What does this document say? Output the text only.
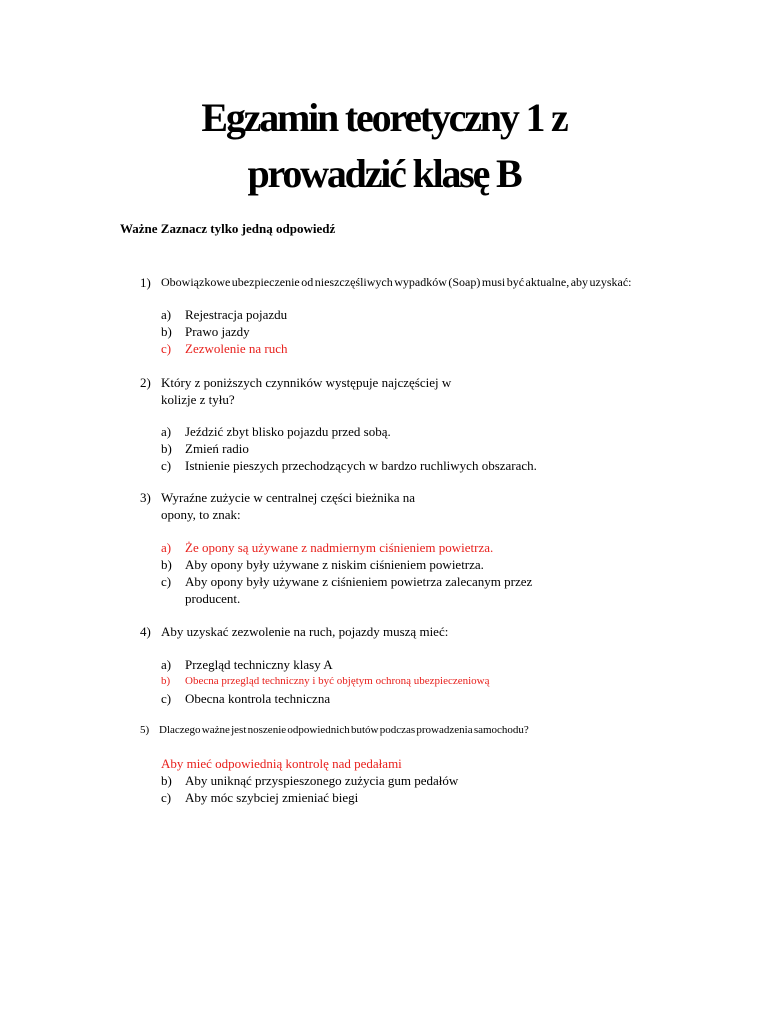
Egzamin teoretyczny 1 z
prowadzić klasę B

Ważne Zaznacz tylko jedną odpowiedź

1) Obowiązkowe ubezpieczenie od nieszczęśliwych wypadków (Soap) musi być aktualne, aby uzyskać:
a) Rejestracja pojazdu
b) Prawo jazdy
c) Zezwolenie na ruch
2) Który z poniższych czynników występuje najczęściej w
kolizje z tyłu?
a) Jeździć zbyt blisko pojazdu przed sobą.
b) Zmień radio
c) Istnienie pieszych przechodzących w bardzo ruchliwych obszarach.
3) Wyraźne zużycie w centralnej części bieżnika na
opony, to znak:
a) Że opony są używane z nadmiernym ciśnieniem powietrza.
b) Aby opony były używane z niskim ciśnieniem powietrza.
c) Aby opony były używane z ciśnieniem powietrza zalecanym przez
producent.
4) Aby uzyskać zezwolenie na ruch, pojazdy muszą mieć:
a) Przegląd techniczny klasy A
b) Obecna przegląd techniczny i być objętym ochroną ubezpieczeniową
c) Obecna kontrola techniczna
5) Dlaczego ważne jest noszenie odpowiednich butów podczas prowadzenia samochodu?
Aby mieć odpowiednią kontrolę nad pedałami
b) Aby uniknąć przyspieszonego zużycia gum pedałów
c) Aby móc szybciej zmieniać biegi
